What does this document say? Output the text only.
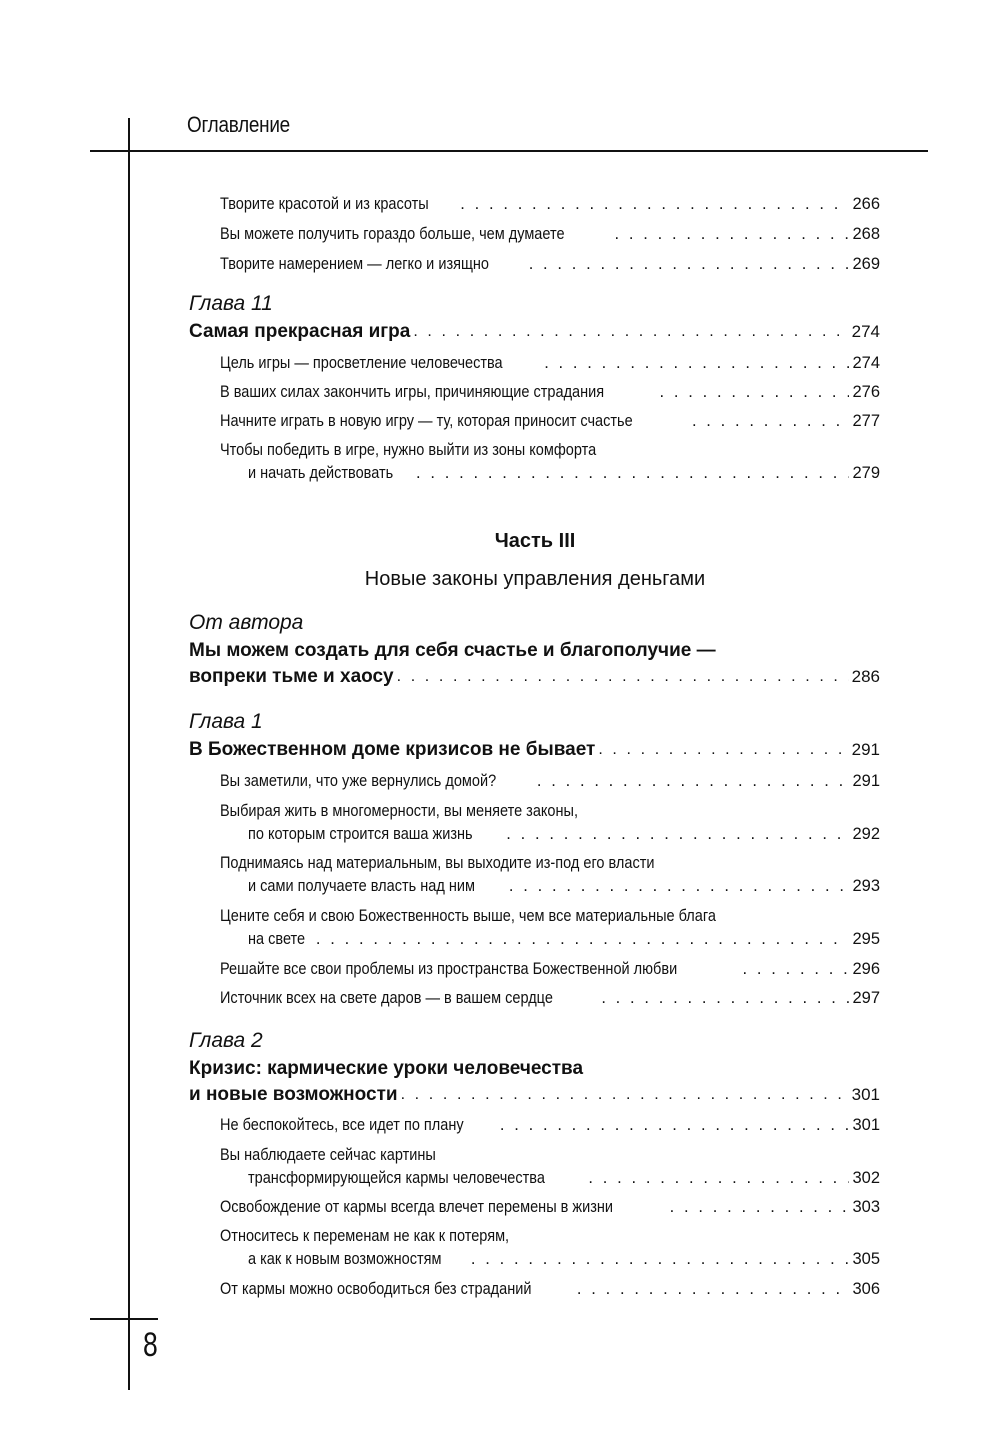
Оглавление
8
Творите красотой и из красоты . . .	266
Вы можете получить гораздо больше, чем думаете . . .	268
Творите намерением — легко и изящно . . .	269
Глава 11
Самая прекрасная игра . . .	274
Цель игры — просветление человечества . . .	274
В ваших силах закончить игры, причиняющие страдания . . .	276
Начните играть в новую игру — ту, которая приносит счастье . . .	277
Чтобы победить в игре, нужно выйти из зоны комфорта
и начать действовать . . .	279
Часть III
Новые законы управления деньгами
От автора
Мы можем создать для себя счастье и благополучие —
вопреки тьме и хаосу . . .	286
Глава 1
В Божественном доме кризисов не бывает . . .	291
Вы заметили, что уже вернулись домой? . . .	291
Выбирая жить в многомерности, вы меняете законы,
по которым строится ваша жизнь . . .	292
Поднимаясь над материальным, вы выходите из-под его власти
и сами получаете власть над ним . . .	293
Цените себя и свою Божественность выше, чем все материальные блага
на свете . . .	295
Решайте все свои проблемы из пространства Божественной любви . . .	296
Источник всех на свете даров — в вашем сердце . . .	297
Глава 2
Кризис: кармические уроки человечества
и новые возможности . . .	301
Не беспокойтесь, все идет по плану . . .	301
Вы наблюдаете сейчас картины
трансформирующейся кармы человечества . . .	302
Освобождение от кармы всегда влечет перемены в жизни . . .	303
Относитесь к переменам не как к потерям,
а как к новым возможностям . . .	305
От кармы можно освободиться без страданий . . .	306
